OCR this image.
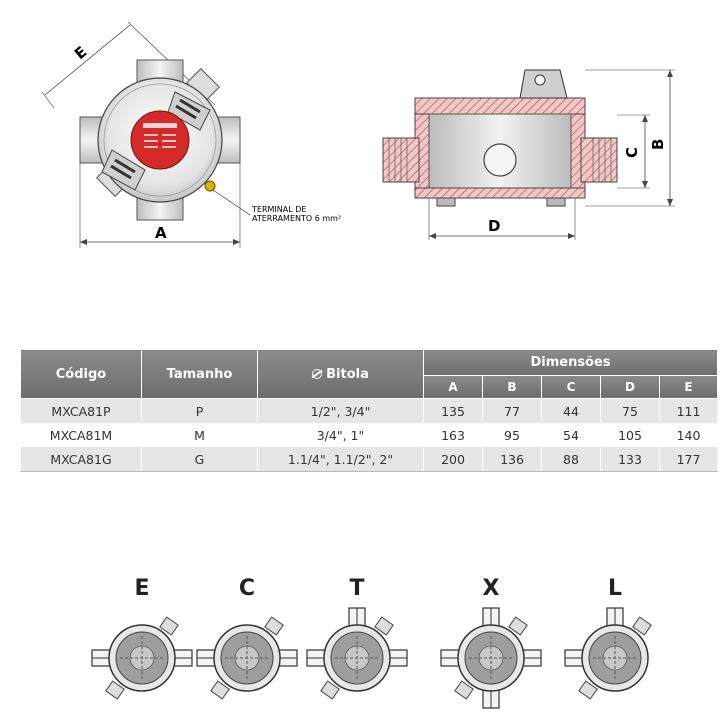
E
A
TERMINAL DE
ATERRAMENTO 6 mm²
B
C
D
Código	Tamanho	Bitola	Dimensões				
			A	B	C	D	E
MXCA81P	P	1/2", 3/4"	135	77	44	75	111
MXCA81M	M	3/4", 1"	163	95	54	105	140
MXCA81G	G	1.1/4", 1.1/2", 2"	200	136	88	133	177
E	C	T	X	L
